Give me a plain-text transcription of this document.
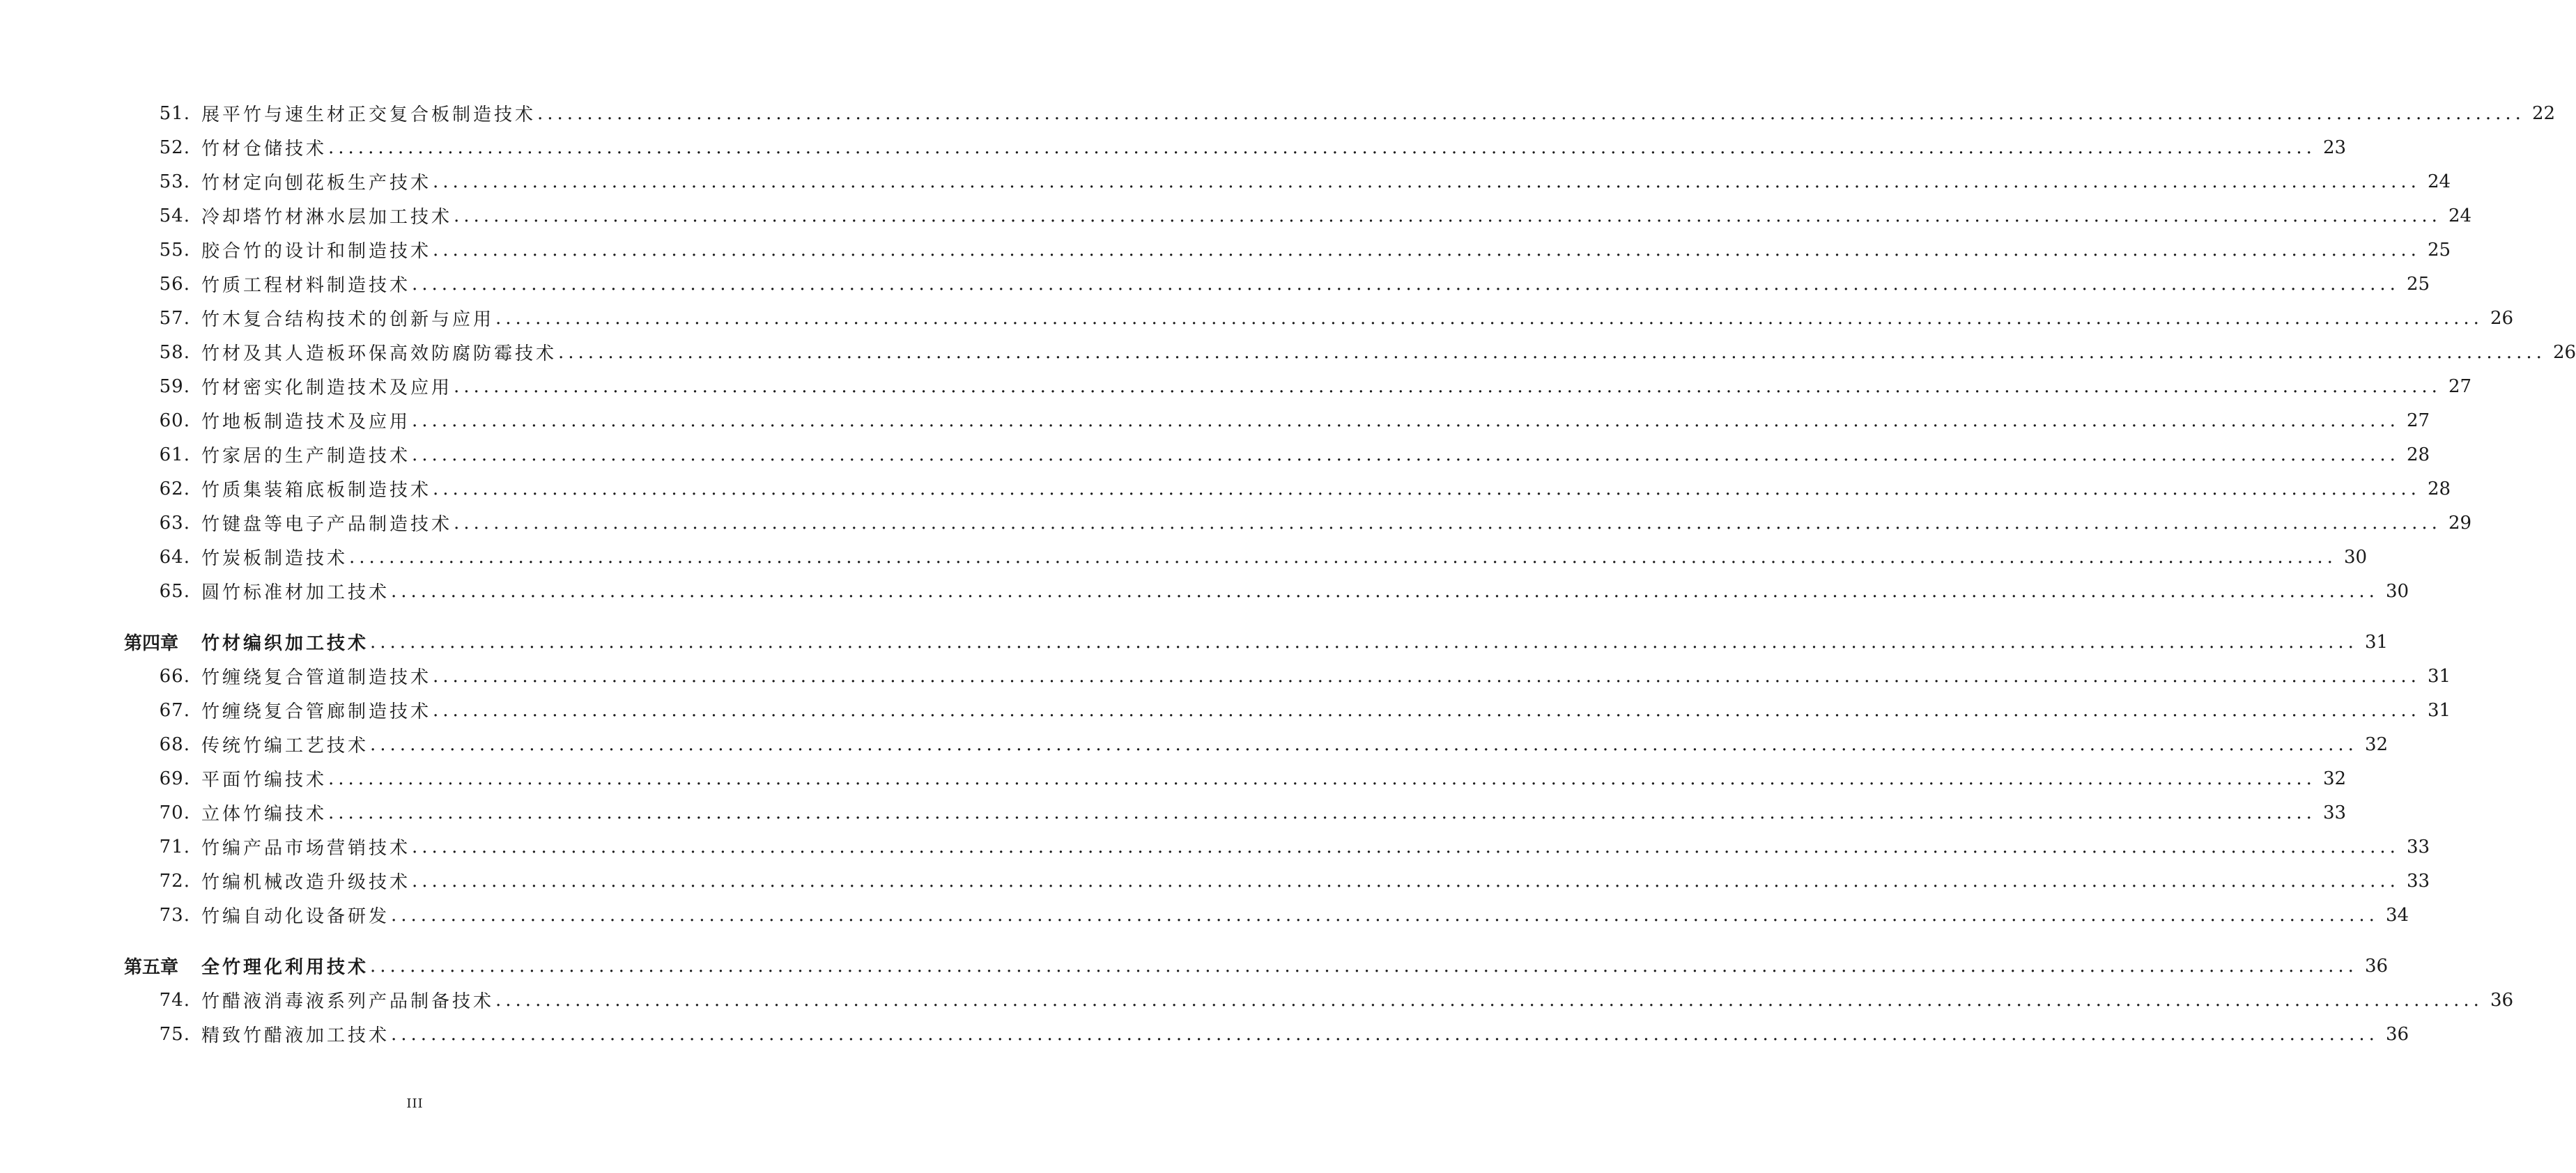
51. 展平竹与速生材正交复合板制造技术 ........................................................................................................................................................................................................ 22
52. 竹材仓储技术 ........................................................................................................................................................................................................ 23
53. 竹材定向刨花板生产技术 ........................................................................................................................................................................................................ 24
54. 冷却塔竹材淋水层加工技术 ........................................................................................................................................................................................................ 24
55. 胶合竹的设计和制造技术 ........................................................................................................................................................................................................ 25
56. 竹质工程材料制造技术 ........................................................................................................................................................................................................ 25
57. 竹木复合结构技术的创新与应用 ........................................................................................................................................................................................................ 26
58. 竹材及其人造板环保高效防腐防霉技术 ........................................................................................................................................................................................................ 26
59. 竹材密实化制造技术及应用 ........................................................................................................................................................................................................ 27
60. 竹地板制造技术及应用 ........................................................................................................................................................................................................ 27
61. 竹家居的生产制造技术 ........................................................................................................................................................................................................ 28
62. 竹质集装箱底板制造技术 ........................................................................................................................................................................................................ 28
63. 竹键盘等电子产品制造技术 ........................................................................................................................................................................................................ 29
64. 竹炭板制造技术 ........................................................................................................................................................................................................ 30
65. 圆竹标准材加工技术 ........................................................................................................................................................................................................ 30
第四章	竹材编织加工技术 ........................................................................................................................................................................................................ 31
66. 竹缠绕复合管道制造技术 ........................................................................................................................................................................................................ 31
67. 竹缠绕复合管廊制造技术 ........................................................................................................................................................................................................ 31
68. 传统竹编工艺技术 ........................................................................................................................................................................................................ 32
69. 平面竹编技术 ........................................................................................................................................................................................................ 32
70. 立体竹编技术 ........................................................................................................................................................................................................ 33
71. 竹编产品市场营销技术 ........................................................................................................................................................................................................ 33
72. 竹编机械改造升级技术 ........................................................................................................................................................................................................ 33
73. 竹编自动化设备研发 ........................................................................................................................................................................................................ 34
第五章	全竹理化利用技术 ........................................................................................................................................................................................................ 36
74. 竹醋液消毒液系列产品制备技术 ........................................................................................................................................................................................................ 36
75. 精致竹醋液加工技术 ........................................................................................................................................................................................................ 36
III
